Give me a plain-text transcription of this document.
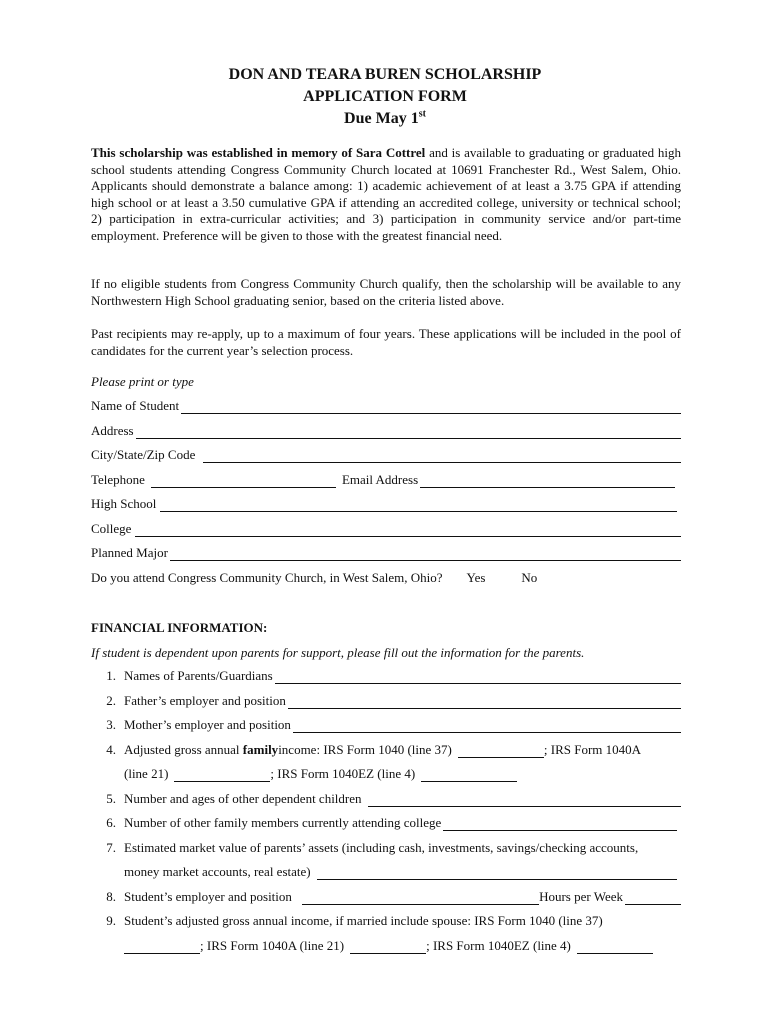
DON AND TEARA BUREN SCHOLARSHIP
APPLICATION FORM
Due May 1st
This scholarship was established in memory of Sara Cottrel and is available to graduating or graduated high school students attending Congress Community Church located at 10691 Franchester Rd., West Salem, Ohio. Applicants should demonstrate a balance among: 1) academic achievement of at least a 3.75 GPA if attending high school or at least a 3.50 cumulative GPA if attending an accredited college, university or technical school; 2) participation in extra-curricular activities; and 3) participation in community service and/or part-time employment. Preference will be given to those with the greatest financial need.
If no eligible students from Congress Community Church qualify, then the scholarship will be available to any Northwestern High School graduating senior, based on the criteria listed above.
Past recipients may re-apply, up to a maximum of four years. These applications will be included in the pool of candidates for the current year’s selection process.
Please print or type
Name of Student
Address
City/State/Zip Code
Telephone	Email Address
High School
College
Planned Major
Do you attend Congress Community Church, in West Salem, Ohio? Yes	No
FINANCIAL INFORMATION:
If student is dependent upon parents for support, please fill out the information for the parents.
1. Names of Parents/Guardians
2. Father’s employer and position
3. Mother’s employer and position
4. Adjusted gross annual family income: IRS Form 1040 (line 37)	; IRS Form 1040A
(line 21)	; IRS Form 1040EZ (line 4)
5. Number and ages of other dependent children
6. Number of other family members currently attending college
7. Estimated market value of parents’ assets (including cash, investments, savings/checking accounts,
money market accounts, real estate)
8. Student’s employer and position	Hours per Week
9. Student’s adjusted gross annual income, if married include spouse: IRS Form 1040 (line 37)
; IRS Form 1040A (line 21)	; IRS Form 1040EZ (line 4)
